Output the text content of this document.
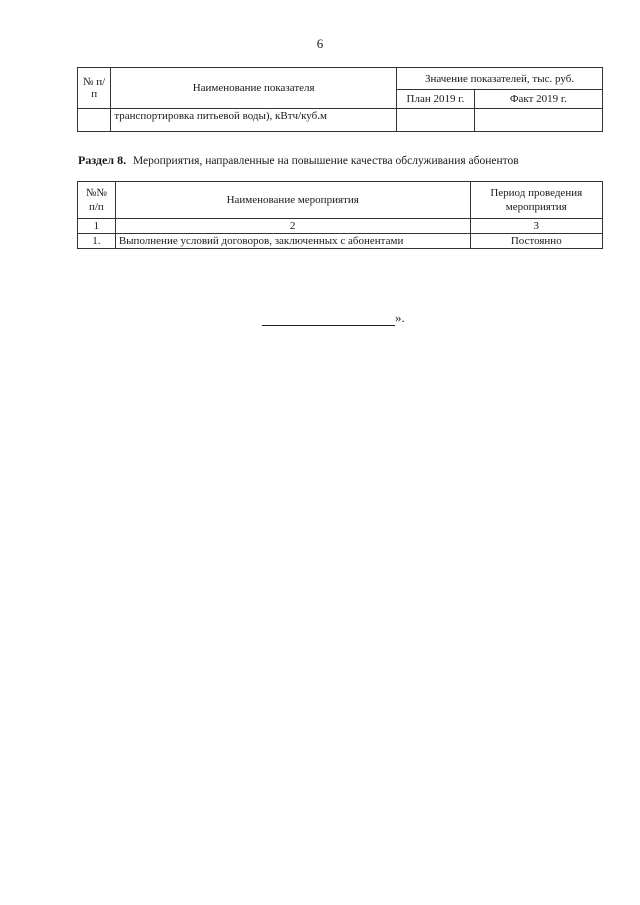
6
№ п/п	Наименование показателя	Значение показателей, тыс. руб.	
		План 2019 г.	Факт 2019 г.
	транспортировка питьевой воды), кВтч/куб.м		
Раздел 8. Мероприятия, направленные на повышение качества обслуживания абонентов
№№ п/п	Наименование мероприятия	Период проведения мероприятия
1	2	3
1.	Выполнение условий договоров, заключенных с абонентами	Постоянно
».
